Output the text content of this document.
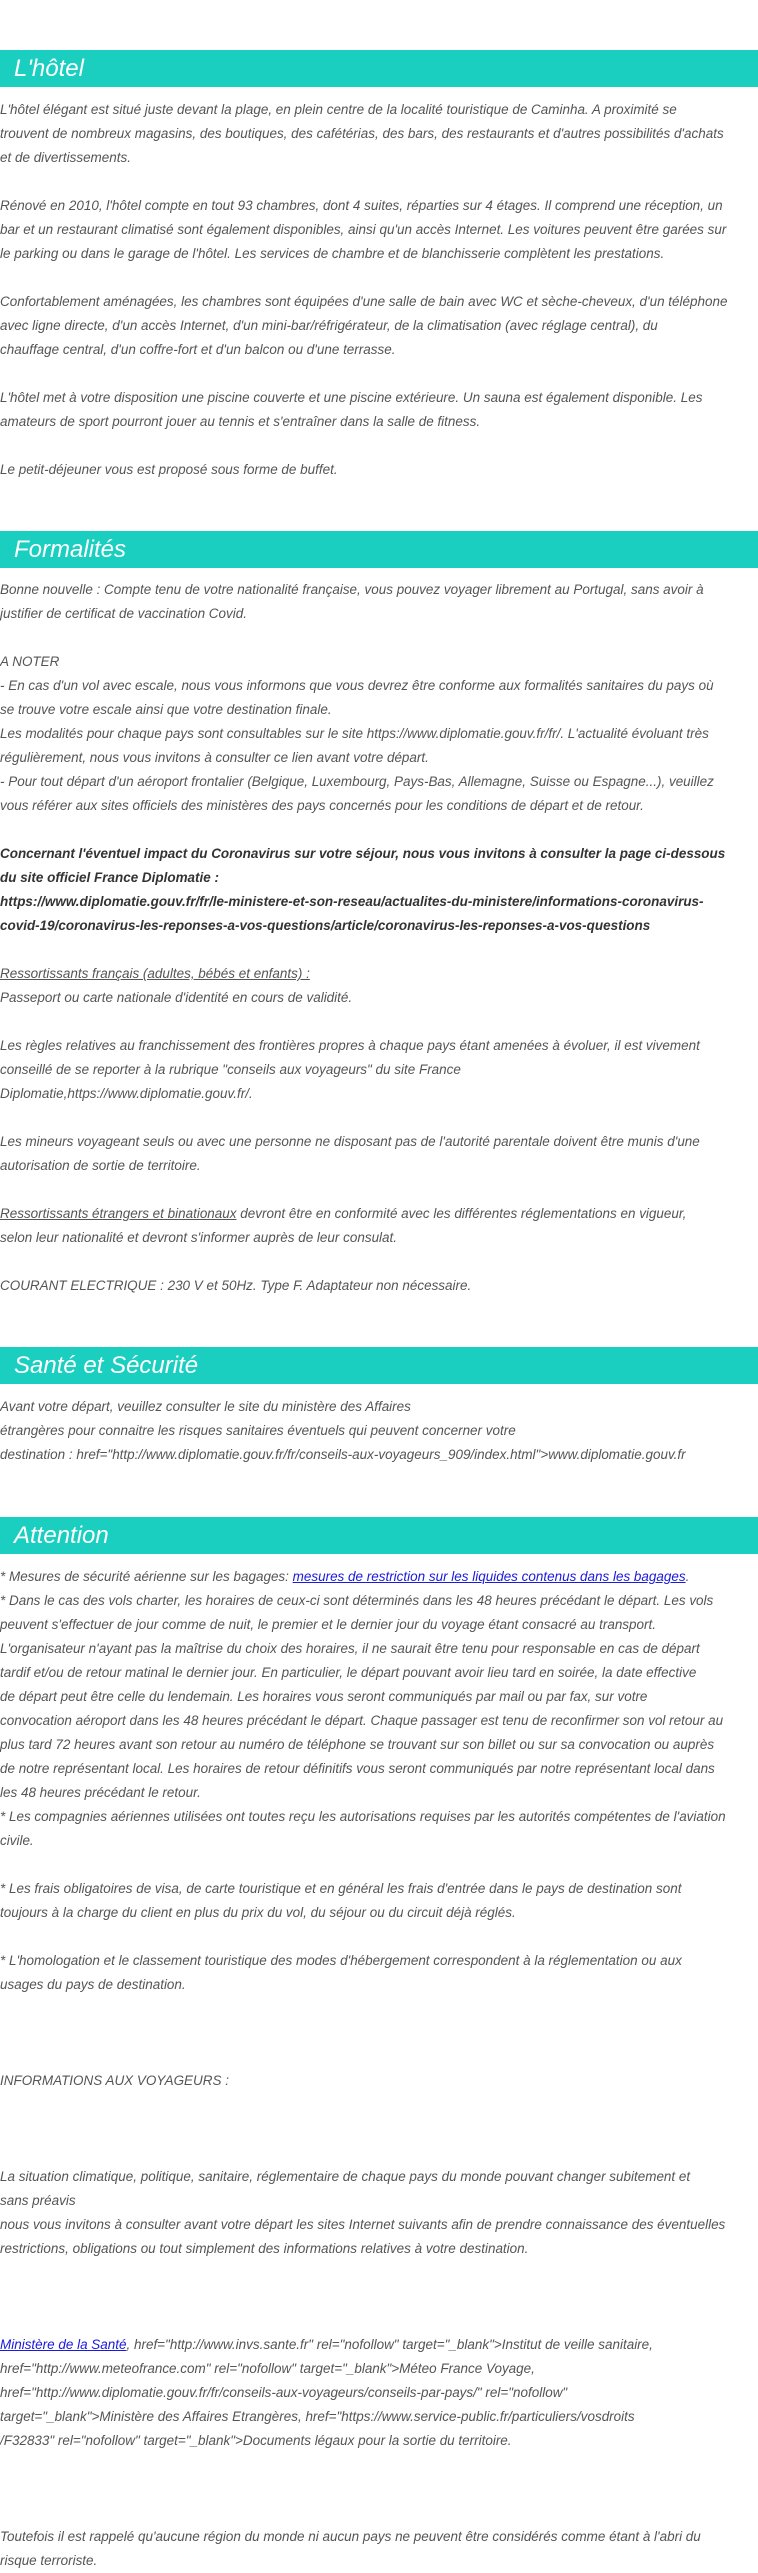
L'hôtel
L'hôtel élégant est situé juste devant la plage, en plein centre de la localité touristique de Caminha. A proximité se
trouvent de nombreux magasins, des boutiques, des cafétérias, des bars, des restaurants et d'autres possibilités d'achats
et de divertissements.

Rénové en 2010, l'hôtel compte en tout 93 chambres, dont 4 suites, réparties sur 4 étages. Il comprend une réception, un
bar et un restaurant climatisé sont également disponibles, ainsi qu'un accès Internet. Les voitures peuvent être garées sur
le parking ou dans le garage de l'hôtel. Les services de chambre et de blanchisserie complètent les prestations.

Confortablement aménagées, les chambres sont équipées d'une salle de bain avec WC et sèche-cheveux, d'un téléphone
avec ligne directe, d'un accès Internet, d'un mini-bar/réfrigérateur, de la climatisation (avec réglage central), du
chauffage central, d'un coffre-fort et d'un balcon ou d'une terrasse.

L'hôtel met à votre disposition une piscine couverte et une piscine extérieure. Un sauna est également disponible. Les
amateurs de sport pourront jouer au tennis et s'entraîner dans la salle de fitness.

Le petit-déjeuner vous est proposé sous forme de buffet.

Formalités
Bonne nouvelle : Compte tenu de votre nationalité française, vous pouvez voyager librement au Portugal, sans avoir à
justifier de certificat de vaccination Covid.

A NOTER
- En cas d'un vol avec escale, nous vous informons que vous devrez être conforme aux formalités sanitaires du pays où
se trouve votre escale ainsi que votre destination finale.
Les modalités pour chaque pays sont consultables sur le site https://www.diplomatie.gouv.fr/fr/. L'actualité évoluant très
régulièrement, nous vous invitons à consulter ce lien avant votre départ.
- Pour tout départ d'un aéroport frontalier (Belgique, Luxembourg, Pays-Bas, Allemagne, Suisse ou Espagne...), veuillez
vous référer aux sites officiels des ministères des pays concernés pour les conditions de départ et de retour.

Concernant l'éventuel impact du Coronavirus sur votre séjour, nous vous invitons à consulter la page ci-dessous
du site officiel France Diplomatie :
https://www.diplomatie.gouv.fr/fr/le-ministere-et-son-reseau/actualites-du-ministere/informations-coronavirus-
covid-19/coronavirus-les-reponses-a-vos-questions/article/coronavirus-les-reponses-a-vos-questions

Ressortissants français (adultes, bébés et enfants) :

Passeport ou carte nationale d'identité en cours de validité.

Les règles relatives au franchissement des frontières propres à chaque pays étant amenées à évoluer, il est vivement
conseillé de se reporter à la rubrique "conseils aux voyageurs" du site France
Diplomatie,https://www.diplomatie.gouv.fr/.

Les mineurs voyageant seuls ou avec une personne ne disposant pas de l'autorité parentale doivent être munis d'une
autorisation de sortie de territoire.

Ressortissants étrangers et binationaux devront être en conformité avec les différentes réglementations en vigueur,
selon leur nationalité et devront s'informer auprès de leur consulat.

COURANT ELECTRIQUE : 230 V et 50Hz. Type F. Adaptateur non nécessaire.

Santé et Sécurité
Avant votre départ, veuillez consulter le site du ministère des Affaires
étrangères pour connaitre les risques sanitaires éventuels qui peuvent concerner votre
destination : href="http://www.diplomatie.gouv.fr/fr/conseils-aux-voyageurs_909/index.html">www.diplomatie.gouv.fr

Attention
* Mesures de sécurité aérienne sur les bagages: mesures de restriction sur les liquides contenus dans les bagages.

* Dans le cas des vols charter, les horaires de ceux-ci sont déterminés dans les 48 heures précédant le départ. Les vols
peuvent s'effectuer de jour comme de nuit, le premier et le dernier jour du voyage étant consacré au transport.
L'organisateur n'ayant pas la maîtrise du choix des horaires, il ne saurait être tenu pour responsable en cas de départ
tardif et/ou de retour matinal le dernier jour. En particulier, le départ pouvant avoir lieu tard en soirée, la date effective
de départ peut être celle du lendemain. Les horaires vous seront communiqués par mail ou par fax, sur votre
convocation aéroport dans les 48 heures précédant le départ. Chaque passager est tenu de reconfirmer son vol retour au
plus tard 72 heures avant son retour au numéro de téléphone se trouvant sur son billet ou sur sa convocation ou auprès
de notre représentant local. Les horaires de retour définitifs vous seront communiqués par notre représentant local dans
les 48 heures précédant le retour.
* Les compagnies aériennes utilisées ont toutes reçu les autorisations requises par les autorités compétentes de l'aviation
civile.

* Les frais obligatoires de visa, de carte touristique et en général les frais d'entrée dans le pays de destination sont
toujours à la charge du client en plus du prix du vol, du séjour ou du circuit déjà réglés.

* L'homologation et le classement touristique des modes d'hébergement correspondent à la réglementation ou aux
usages du pays de destination.

INFORMATIONS AUX VOYAGEURS :

La situation climatique, politique, sanitaire, réglementaire de chaque pays du monde pouvant changer subitement et
sans préavis
nous vous invitons à consulter avant votre départ les sites Internet suivants afin de prendre connaissance des éventuelles
restrictions, obligations ou tout simplement des informations relatives à votre destination.

Ministère de la Santé, href="http://www.invs.sante.fr" rel="nofollow" target="_blank">Institut de veille sanitaire,

href="http://www.meteofrance.com" rel="nofollow" target="_blank">Méteo France Voyage,
href="http://www.diplomatie.gouv.fr/fr/conseils-aux-voyageurs/conseils-par-pays/" rel="nofollow"
target="_blank">Ministère des Affaires Etrangères, href="https://www.service-public.fr/particuliers/vosdroits
/F32833" rel="nofollow" target="_blank">Documents légaux pour la sortie du territoire.

Toutefois il est rappelé qu'aucune région du monde ni aucun pays ne peuvent être considérés comme étant à l'abri du
risque terroriste.
